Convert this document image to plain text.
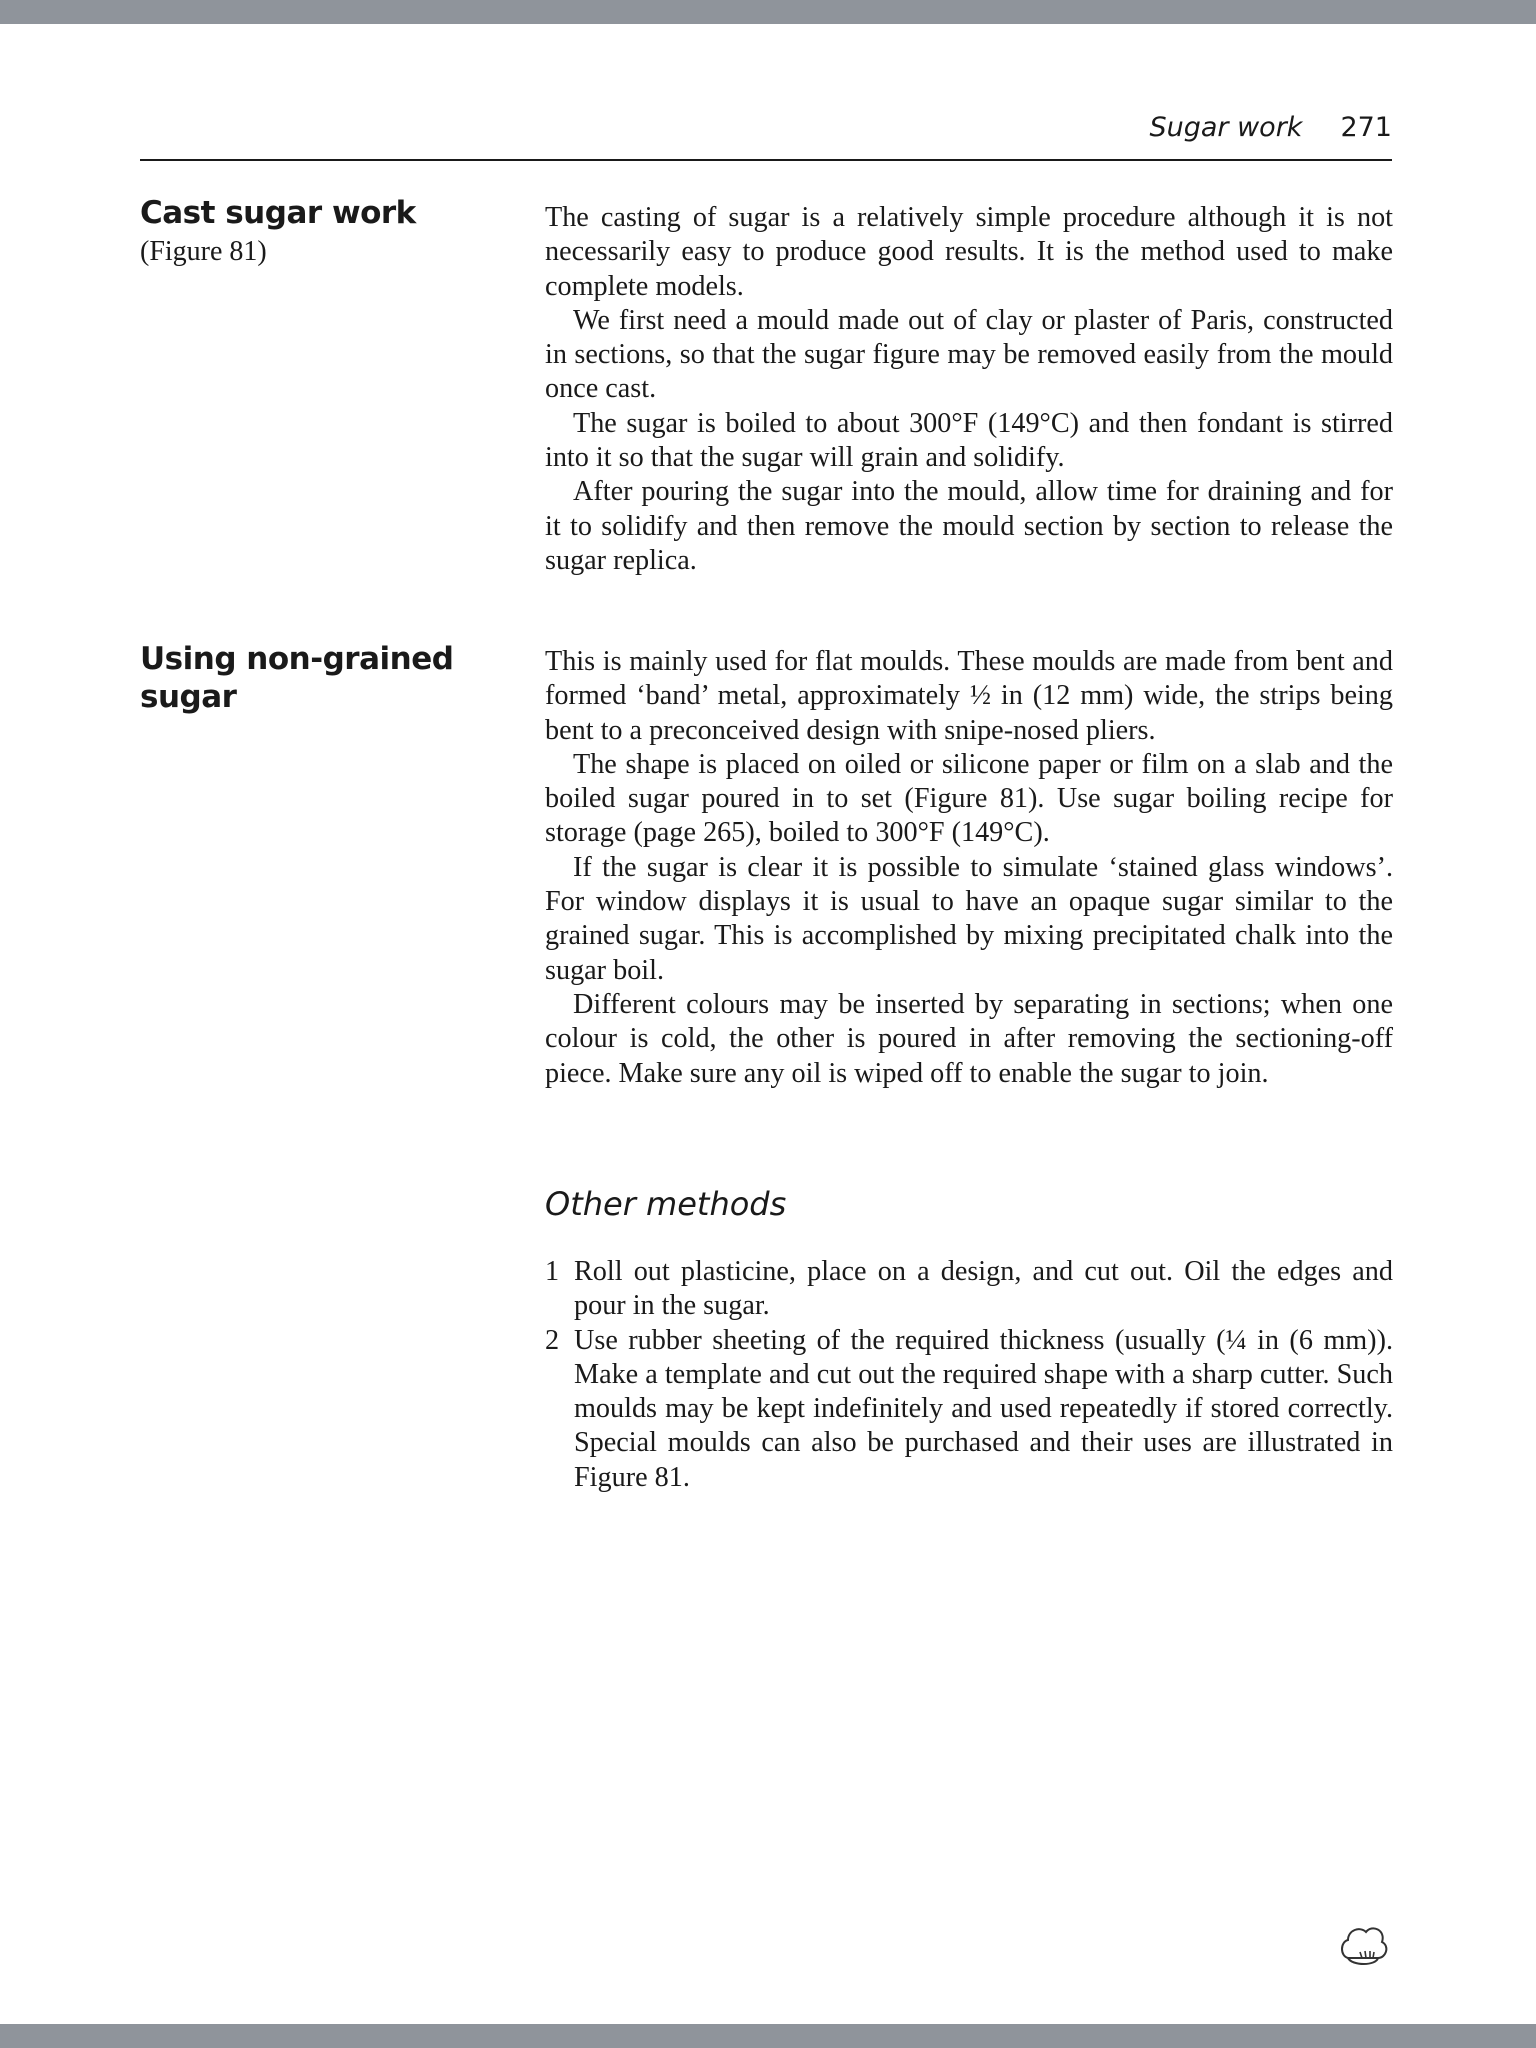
Sugar work 271
Cast sugar work
(Figure 81)

The casting of sugar is a relatively simple procedure although it is not necessarily easy to produce good results. It is the method used to make complete models.

We first need a mould made out of clay or plaster of Paris, constructed in sections, so that the sugar figure may be removed easily from the mould once cast.

The sugar is boiled to about 300°F (149°C) and then fondant is stirred into it so that the sugar will grain and solidify.

After pouring the sugar into the mould, allow time for draining and for it to solidify and then remove the mould section by section to release the sugar replica.

Using non-grained sugar

This is mainly used for flat moulds. These moulds are made from bent and formed ‘band’ metal, approximately ½ in (12 mm) wide, the strips being bent to a preconceived design with snipe-nosed pliers.

The shape is placed on oiled or silicone paper or film on a slab and the boiled sugar poured in to set (Figure 81). Use sugar boiling recipe for storage (page 265), boiled to 300°F (149°C).

If the sugar is clear it is possible to simulate ‘stained glass windows’. For window displays it is usual to have an opaque sugar similar to the grained sugar. This is accomplished by mixing precipitated chalk into the sugar boil.

Different colours may be inserted by separating in sections; when one colour is cold, the other is poured in after removing the sectioning-off piece. Make sure any oil is wiped off to enable the sugar to join.

Other methods
1 Roll out plasticine, place on a design, and cut out. Oil the edges and pour in the sugar.
2 Use rubber sheeting of the required thickness (usually (¼ in (6 mm)). Make a template and cut out the required shape with a sharp cutter. Such moulds may be kept indefinitely and used repeatedly if stored correctly. Special moulds can also be purchased and their uses are illustrated in Figure 81.
